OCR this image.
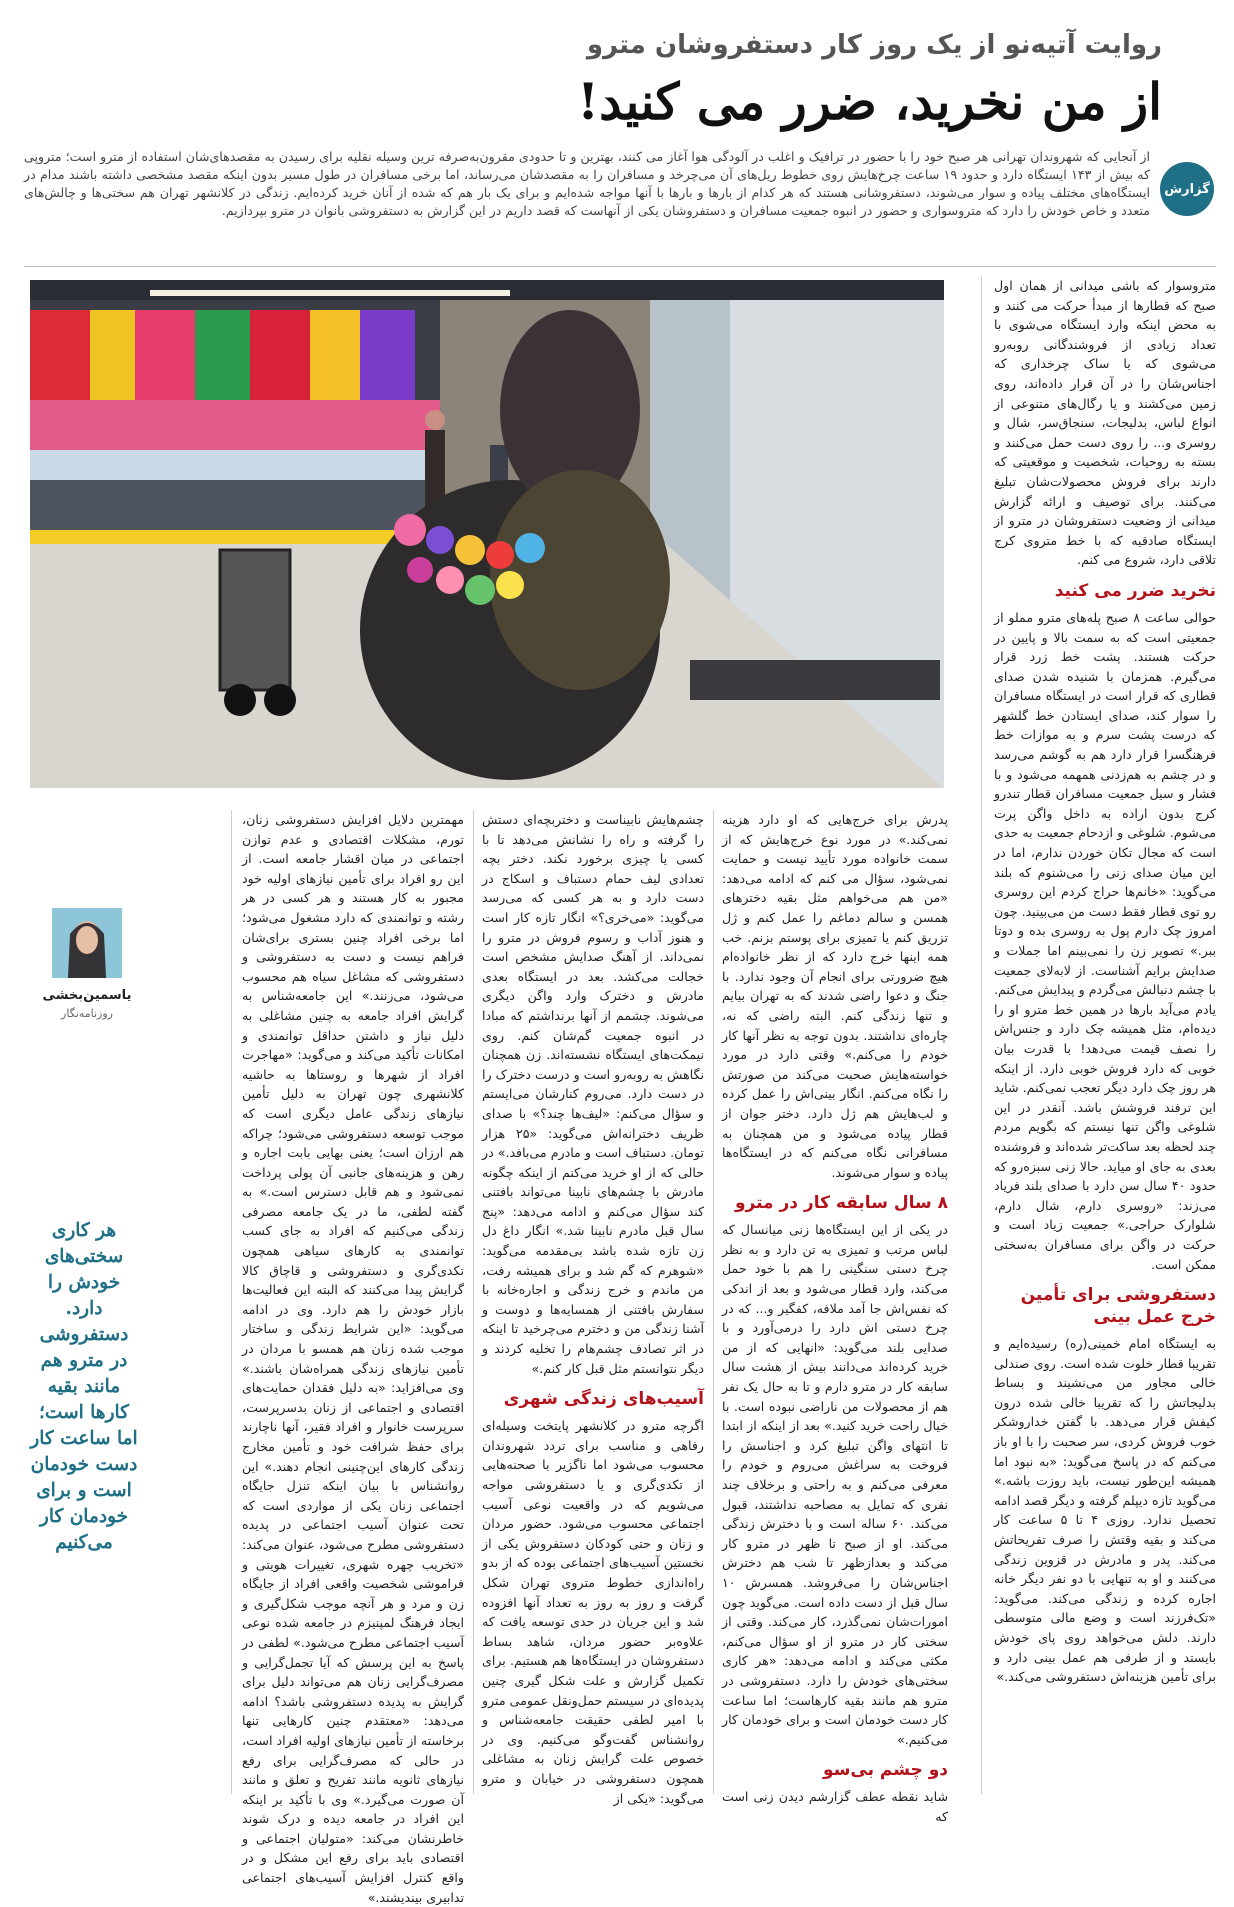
روایت آتیه‌نو از یک روز کار دستفروشان مترو
از من نخرید، ضرر می کنید!
گزارش

از آنجایی که شهروندان تهرانی هر صبح خود را با حضور در ترافیک و اغلب در آلودگی هوا آغاز می کنند، بهترین و تا حدودی مقرون‌به‌صرفه ترین وسیله نقلیه برای رسیدن به مقصدهای‌شان استفاده از مترو است؛ متروپی که بیش از ۱۴۳ ایستگاه دارد و حدود ۱۹ ساعت چرخ‌هایش روی خطوط ریل‌های آن می‌چرخد و مسافران را به مقصدشان می‌رساند، اما برخی مسافران در طول مسیر بدون اینکه مقصد مشخصی داشته باشند مدام در ایستگاه‌های مختلف پیاده و سوار می‌شوند، دستفروشانی هستند که هر کدام از بارها و بارها با آنها مواجه شده‌ایم و برای یک بار هم که شده از آنان خرید کرده‌ایم. زندگی در کلانشهر تهران هم سختی‌ها و چالش‌های متعدد و خاص خودش را دارد که متروسواری و حضور در انبوه جمعیت مسافران و دستفروشان یکی از آنهاست که قصد داریم در این گزارش به دستفروشی بانوان در مترو بپردازیم.

متروسوار که باشی میدانی از همان اول صبح که قطارها از مبدأ حرکت می کنند و به محض اینکه وارد ایستگاه می‌شوی با تعداد زیادی از فروشندگانی روبه‌رو می‌شوی که یا ساک چرخداری که اجناس‌شان را در آن قرار داده‌اند، روی زمین می‌کشند و یا رگال‌های متنوعی از انواع لباس، بدلیجات، سنجاق‌سر، شال و روسری و... را روی دست حمل می‌کنند و بسته به روحیات، شخصیت و موقعیتی که دارند برای فروش محصولات‌شان تبلیغ می‌کنند. برای توصیف و ارائه گزارش میدانی از وضعیت دستفروشان در مترو از ایستگاه صادقیه که با خط متروی کرج تلاقی دارد، شروع می کنم.

نخرید ضرر می کنید

حوالی ساعت ۸ صبح پله‌های مترو مملو از جمعیتی است که به سمت بالا و پایین در حرکت هستند. پشت خط زرد قرار می‌گیرم. همزمان با شنیده شدن صدای قطاری که قرار است در ایستگاه مسافران را سوار کند، صدای ایستادن خط گلشهر که درست پشت سرم و به موازات خط فرهنگسرا قرار دارد هم به گوشم می‌رسد و در چشم به هم‌زدنی همهمه می‌شود و با فشار و سیل جمعیت مسافران قطار تندرو کرج بدون اراده به داخل واگن پرت می‌شوم. شلوغی و ازدحام جمعیت به حدی است که مجال تکان خوردن ندارم، اما در این میان صدای زنی را می‌شنوم که بلند می‌گوید: «خانم‌ها حراج کردم این روسری رو توی قطار فقط دست من می‌بینید. چون امروز چک دارم پول به روسری بده و دوتا ببر.» تصویر زن را نمی‌بینم اما جملات و صدایش برایم آشناست. از لابه‌لای جمعیت با چشم دنبالش می‌گردم و پیدایش می‌کنم. یادم می‌آید بارها در همین خط مترو او را دیده‌ام، مثل همیشه چک دارد و جنس‌اش را نصف قیمت می‌دهد! با قدرت بیان خوبی که دارد فروش خوبی دارد. از اینکه هر روز چک دارد دیگر تعجب نمی‌کنم. شاید این ترفند فروشش باشد. آنقدر در این شلوغی واگن تنها نیستم که بگویم مردم چند لحظه بعد ساکت‌تر شده‌اند و فروشنده بعدی به جای او میاید. حالا زنی سبزه‌رو که حدود ۴۰ سال سن دارد با صدای بلند فریاد می‌زند: «روسری دارم، شال دارم، شلوارک حراجی.» جمعیت زیاد است و حرکت در واگن برای مسافران به‌سختی ممکن است.

دستفروشی برای تأمین خرج عمل بینی

به ایستگاه امام خمینی(ره) رسیده‌ایم و تقریبا قطار خلوت شده است. روی صندلی خالی مجاور من می‌نشیند و بساط بدلیجاتش را که تقریبا خالی شده درون کیفش قرار می‌دهد. با گفتن خداروشکر خوب فروش کردی، سر صحبت را با او باز می‌کنم که در پاسخ می‌گوید: «به نبود اما همیشه این‌طور نیست، باید روزت باشه.» می‌گوید تازه دیپلم گرفته و دیگر قصد ادامه تحصیل ندارد. روزی ۴ تا ۵ ساعت کار می‌کند و بقیه وقتش را صرف تفریحاتش می‌کند. پدر و مادرش در قزوین زندگی می‌کنند و او به تنهایی با دو نفر دیگر خانه اجاره کرده و زندگی می‌کند. می‌گوید: «تک‌فرزند است و وضع مالی متوسطی دارند. دلش می‌خواهد روی پای خودش بایستد و از طرفی هم عمل بینی دارد و برای تأمین هزینه‌اش دستفروشی می‌کند.»

پدرش برای خرج‌هایی که او دارد هزینه نمی‌کند.» در مورد نوع خرج‌هایش که از سمت خانواده مورد تأیید نیست و حمایت نمی‌شود، سؤال می کنم که ادامه می‌دهد: «من هم می‌خواهم مثل بقیه دخترهای همسن و سالم دماغم را عمل کنم و ژل تزریق کنم یا تمیزی برای پوستم بزنم. خب همه اینها خرج دارد که از نظر خانواده‌ام هیچ ضرورتی برای انجام آن وجود ندارد. با جنگ و دعوا راضی شدند که به تهران بیایم و تنها زندگی کنم. البته راضی که نه، چاره‌ای نداشتند. بدون توجه به نظر آنها کار خودم را می‌کنم.» وقتی دارد در مورد خواسته‌هایش صحبت می‌کند من صورتش را نگاه می‌کنم. انگار بینی‌اش را عمل کرده و لب‌هایش هم ژل دارد. دختر جوان از قطار پیاده می‌شود و من همچنان به مسافرانی نگاه می‌کنم که در ایستگاه‌ها پیاده و سوار می‌شوند.

۸ سال سابقه کار در مترو

در یکی از این ایستگاه‌ها زنی میانسال که لباس مرتب و تمیزی به تن دارد و به نظر چرخ دستی سنگینی را هم با خود حمل می‌کند، وارد قطار می‌شود و بعد از اندکی که نفس‌اش جا آمد ملافه، کفگیر و... که در چرخ دستی اش دارد را درمی‌آورد و با صدایی بلند می‌گوید: «انهایی که از من خرید کرده‌اند می‌دانند بیش از هشت سال سابقه کار در مترو دارم و تا به حال یک نفر هم از محصولات من ناراضی نبوده است. با خیال راحت خرید کنید.» بعد از اینکه از ابتدا تا انتهای واگن تبلیغ کرد و اجناسش را فروخت به سراغش می‌روم و خودم را معرفی می‌کنم و به راحتی و برخلاف چند نفری که تمایل به مصاحبه نداشتند، قبول می‌کند. ۶۰ ساله است و با دخترش زندگی می‌کند. او از صبح تا ظهر در مترو کار می‌کند و بعدازظهر تا شب هم دخترش اجناس‌شان را می‌فروشد. همسرش ۱۰ سال قبل از دست داده است. می‌گوید چون امورات‌شان نمی‌گذرد، کار می‌کند. وقتی از سختی کار در مترو از او سؤال می‌کنم، مکثی می‌کند و ادامه می‌دهد: «هر کاری سختی‌های خودش را دارد. دستفروشی در مترو هم مانند بقیه کارهاست؛ اما ساعت کار دست خودمان است و برای خودمان کار می‌کنیم.»

دو چشم بی‌سو

شاید نقطه عطف گزارشم دیدن زنی است که

چشم‌هایش نابیناست و دختربچه‌ای دستش را گرفته و راه را نشانش می‌دهد تا با کسی یا چیزی برخورد نکند. دختر بچه تعدادی لیف حمام دستباف و اسکاج در دست دارد و به هر کسی که می‌رسد می‌گوید: «می‌خری؟» انگار تازه کار است و هنوز آداب و رسوم فروش در مترو را نمی‌داند. از آهنگ صدایش مشخص است خجالت می‌کشد. بعد در ایستگاه بعدی مادرش و دخترک وارد واگن دیگری می‌شوند. چشمم از آنها برنداشتم که مبادا در انبوه جمعیت گم‌شان کنم. روی نیمکت‌های ایستگاه نشسته‌اند. زن همچنان نگاهش به روبه‌رو است و درست دخترک را در دست دارد. می‌روم کنارشان می‌ایستم و سؤال می‌کنم: «لیف‌ها چند؟» با صدای ظریف دخترانه‌اش می‌گوید: «۲۵ هزار تومان. دستباف است و مادرم می‌بافد.» در حالی که از او خرید می‌کنم از اینکه چگونه مادرش با چشم‌های نابینا می‌تواند بافتنی کند سؤال می‌کنم و ادامه می‌دهد: «پنج سال قبل مادرم نابینا شد.» انگار داغ دل زن تازه شده باشد بی‌مقدمه می‌گوید: «شوهرم که گم شد و برای همیشه رفت، من ماندم و خرج زندگی و اجاره‌خانه با سفارش بافتنی از همسایه‌ها و دوست و آشنا زندگی من و دخترم می‌چرخید تا اینکه در اثر تصادف چشم‌هام را تخلیه کردند و دیگر نتوانستم مثل قبل کار کنم.»

آسیب‌های زندگی شهری

اگرچه مترو در کلانشهر پایتخت وسیله‌ای رفاهی و مناسب برای تردد شهروندان محسوب می‌شود اما ناگزیر با صحنه‌هایی از تکدی‌گری و یا دستفروشی مواجه می‌شویم که در واقعیت نوعی آسیب اجتماعی محسوب می‌شود. حضور مردان و زنان و حتی کودکان دستفروش یکی از نخستین آسیب‌های اجتماعی بوده که از بدو راه‌اندازی خطوط متروی تهران شکل گرفت و روز به روز به تعداد آنها افزوده شد و این جریان در حدی توسعه یافت که علاوه‌بر حضور مردان، شاهد بساط دستفروشان در ایستگاه‌ها هم هستیم. برای تکمیل گزارش و علت شکل گیری چنین پدیده‌ای در سیستم حمل‌ونقل عمومی مترو با امیر لطفی حقیقت جامعه‌شناس و روانشناس گفت‌وگو می‌کنیم. وی در خصوص علت گرایش زنان به مشاغلی همچون دستفروشی در خیابان و مترو می‌گوید: «یکی از

مهمترین دلایل افزایش دستفروشی زنان، تورم، مشکلات اقتصادی و عدم توازن اجتماعی در میان اقشار جامعه است. از این رو افراد برای تأمین نیازهای اولیه خود مجبور به کار هستند و هر کسی در هر رشته و توانمندی که دارد مشغول می‌شود؛ اما برخی افراد چنین بستری برای‌شان فراهم نیست و دست به دستفروشی و دستفروشی که مشاغل سیاه هم محسوب می‌شود، می‌زنند.» این جامعه‌شناس به گرایش افراد جامعه به چنین مشاغلی به دلیل نیاز و داشتن حداقل توانمندی و امکانات تأکید می‌کند و می‌گوید: «مهاجرت افراد از شهرها و روستاها به حاشیه کلانشهری چون تهران به دلیل تأمین نیازهای زندگی عامل دیگری است که موجب توسعه دستفروشی می‌شود؛ چراکه هم ارزان است؛ یعنی بهایی بابت اجاره و رهن و هزینه‌های جانبی آن پولی پرداخت نمی‌شود و هم قابل دسترس است.» به گفته لطفی، ما در یک جامعه مصرفی زندگی می‌کنیم که افراد به جای کسب توانمندی به کارهای سیاهی همچون تکدی‌گری و دستفروشی و قاچاق کالا گرایش پیدا می‌کنند که البته این فعالیت‌ها بازار خودش را هم دارد. وی در ادامه می‌گوید: «این شرایط زندگی و ساختار موجب شده زنان هم همسو با مردان در تأمین نیازهای زندگی همراه‌شان باشند.» وی می‌افزاید: «به دلیل فقدان حمایت‌های اقتصادی و اجتماعی از زنان بدسرپرست، سرپرست خانوار و افراد فقیر، آنها ناچارند برای حفظ شرافت خود و تأمین مخارج زندگی کارهای این‌چنینی انجام دهند.» این روانشناس با بیان اینکه تنزل جایگاه اجتماعی زنان یکی از مواردی است که تحت عنوان آسیب اجتماعی در پدیده دستفروشی مطرح می‌شود، عنوان می‌کند: «تخریب چهره شهری، تغییرات هویتی و فراموشی شخصیت واقعی افراد از جایگاه زن و مرد و هر آنچه موجب شکل‌گیری و ایجاد فرهنگ لمپنیزم در جامعه شده نوعی آسیب اجتماعی مطرح می‌شود.» لطفی در پاسخ به این پرسش که آیا تجمل‌گرایی و مصرف‌گرایی زنان هم می‌تواند دلیل برای گرایش به پدیده دستفروشی باشد؟ ادامه می‌دهد: «معتقدم چنین کارهایی تنها برخاسته از تأمین نیازهای اولیه افراد است، در حالی که مصرف‌گرایی برای رفع نیازهای ثانویه مانند تفریح و تعلق و مانند آن صورت می‌گیرد.» وی با تأکید بر اینکه این افراد در جامعه دیده و درک شوند خاطرنشان می‌کند: «متولیان اجتماعی و اقتصادی باید برای رفع این مشکل و در واقع کنترل افزایش آسیب‌های اجتماعی تدابیری بیندیشند.»

یاسمین‌بخشی
روزنامه‌نگار
هر کاری سختی‌های خودش را دارد. دستفروشی در مترو هم مانند بقیه کارها است؛ اما ساعت کار دست خودمان است و برای خودمان کار می‌کنیم
